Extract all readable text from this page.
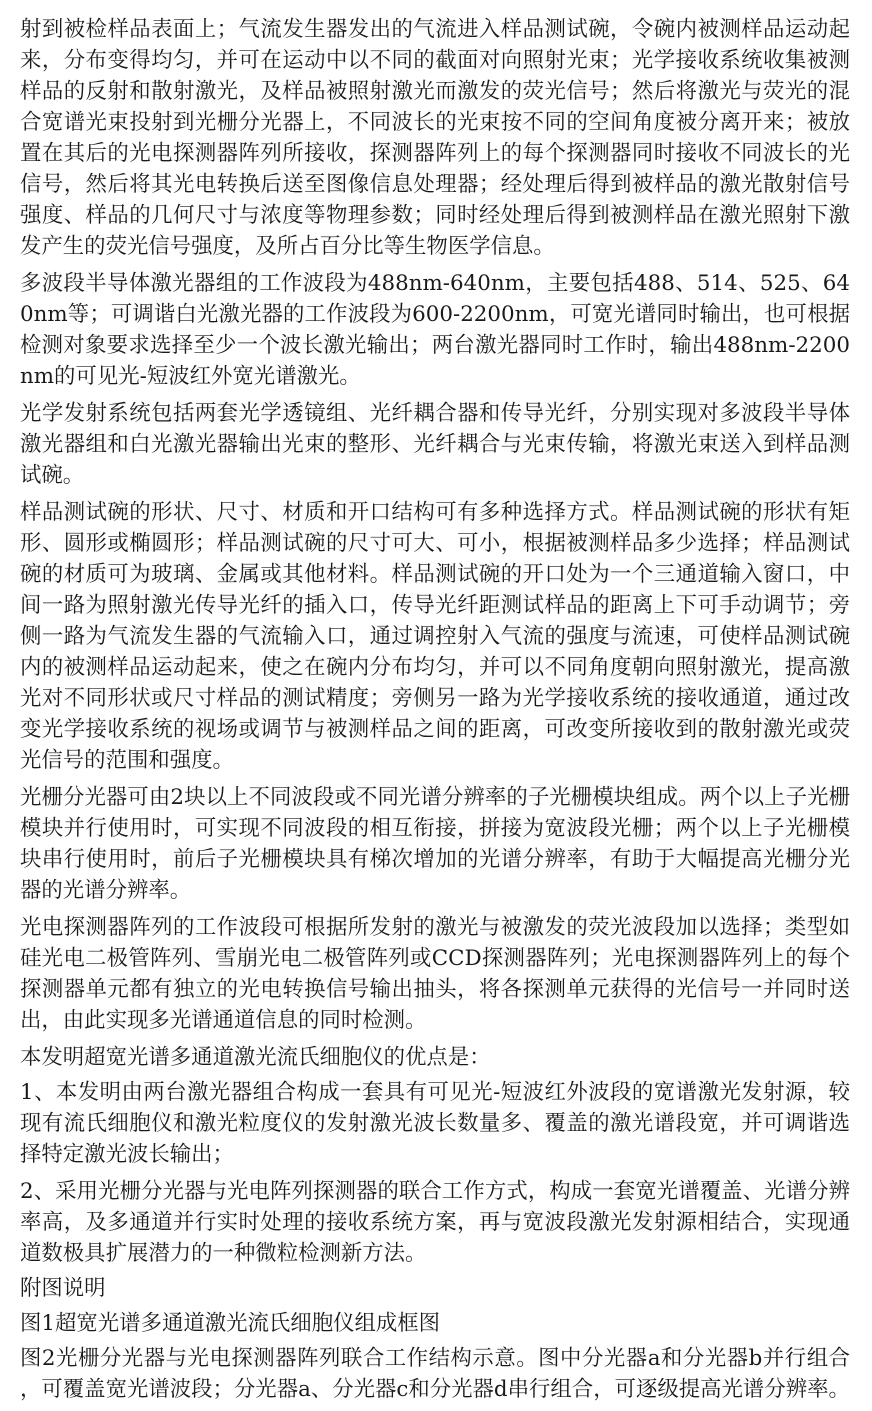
射到被检样品表面上；气流发生器发出的气流进入样品测试碗，令碗内被测样品运动起来，分布变得均匀，并可在运动中以不同的截面对向照射光束；光学接收系统收集被测样品的反射和散射激光，及样品被照射激光而激发的荧光信号；然后将激光与荧光的混合宽谱光束投射到光栅分光器上，不同波长的光束按不同的空间角度被分离开来；被放置在其后的光电探测器阵列所接收，探测器阵列上的每个探测器同时接收不同波长的光信号，然后将其光电转换后送至图像信息处理器；经处理后得到被样品的激光散射信号强度、样品的几何尺寸与浓度等物理参数；同时经处理后得到被测样品在激光照射下激发产生的荧光信号强度，及所占百分比等生物医学信息。

多波段半导体激光器组的工作波段为488nm-640nm，主要包括488、514、525、640nm等；可调谐白光激光器的工作波段为600-2200nm，可宽光谱同时输出，也可根据检测对象要求选择至少一个波长激光输出；两台激光器同时工作时，输出488nm-2200nm的可见光-短波红外宽光谱激光。

光学发射系统包括两套光学透镜组、光纤耦合器和传导光纤，分别实现对多波段半导体激光器组和白光激光器输出光束的整形、光纤耦合与光束传输，将激光束送入到样品测试碗。

样品测试碗的形状、尺寸、材质和开口结构可有多种选择方式。样品测试碗的形状有矩形、圆形或椭圆形；样品测试碗的尺寸可大、可小，根据被测样品多少选择；样品测试碗的材质可为玻璃、金属或其他材料。样品测试碗的开口处为一个三通道输入窗口，中间一路为照射激光传导光纤的插入口，传导光纤距测试样品的距离上下可手动调节；旁侧一路为气流发生器的气流输入口，通过调控射入气流的强度与流速，可使样品测试碗内的被测样品运动起来，使之在碗内分布均匀，并可以不同角度朝向照射激光，提高激光对不同形状或尺寸样品的测试精度；旁侧另一路为光学接收系统的接收通道，通过改变光学接收系统的视场或调节与被测样品之间的距离，可改变所接收到的散射激光或荧光信号的范围和强度。

光栅分光器可由2块以上不同波段或不同光谱分辨率的子光栅模块组成。两个以上子光栅模块并行使用时，可实现不同波段的相互衔接，拼接为宽波段光栅；两个以上子光栅模块串行使用时，前后子光栅模块具有梯次增加的光谱分辨率，有助于大幅提高光栅分光器的光谱分辨率。

光电探测器阵列的工作波段可根据所发射的激光与被激发的荧光波段加以选择；类型如硅光电二极管阵列、雪崩光电二极管阵列或CCD探测器阵列；光电探测器阵列上的每个探测器单元都有独立的光电转换信号输出抽头，将各探测单元获得的光信号一并同时送出，由此实现多光谱通道信息的同时检测。

本发明超宽光谱多通道激光流氏细胞仪的优点是：

1、本发明由两台激光器组合构成一套具有可见光-短波红外波段的宽谱激光发射源，较现有流氏细胞仪和激光粒度仪的发射激光波长数量多、覆盖的激光谱段宽，并可调谐选择特定激光波长输出；

2、采用光栅分光器与光电阵列探测器的联合工作方式，构成一套宽光谱覆盖、光谱分辨率高，及多通道并行实时处理的接收系统方案，再与宽波段激光发射源相结合，实现通道数极具扩展潜力的一种微粒检测新方法。

附图说明

图1超宽光谱多通道激光流氏细胞仪组成框图

图2光栅分光器与光电探测器阵列联合工作结构示意。图中分光器a和分光器b并行组合，可覆盖宽光谱波段；分光器a、分光器c和分光器d串行组合，可逐级提高光谱分辨率。
